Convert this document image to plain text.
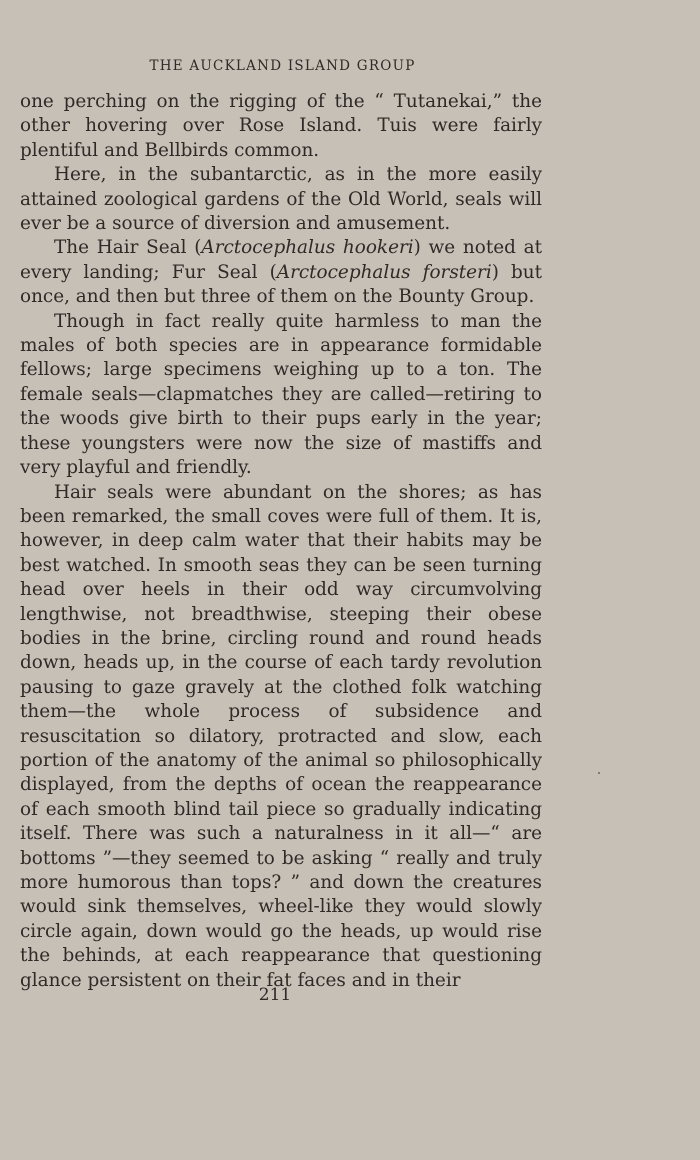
THE AUCKLAND ISLAND GROUP

one perching on the rigging of the “ Tutanekai,” the other hovering over Rose Island. Tuis were fairly plentiful and Bellbirds common.

Here, in the subantarctic, as in the more easily attained zoological gardens of the Old World, seals will ever be a source of diversion and amusement.

The Hair Seal (Arctocephalus hookeri) we noted at every landing; Fur Seal (Arctocephalus forsteri) but once, and then but three of them on the Bounty Group.

Though in fact really quite harmless to man the males of both species are in appearance formidable fellows; large specimens weighing up to a ton. The female seals—clapmatches they are called—retiring to the woods give birth to their pups early in the year; these youngsters were now the size of mastiffs and very playful and friendly.

Hair seals were abundant on the shores; as has been remarked, the small coves were full of them. It is, however, in deep calm water that their habits may be best watched. In smooth seas they can be seen turning head over heels in their odd way circumvolving lengthwise, not breadthwise, steeping their obese bodies in the brine, circling round and round heads down, heads up, in the course of each tardy revolution pausing to gaze gravely at the clothed folk watching them—the whole process of subsidence and resuscitation so dilatory, protracted and slow, each portion of the anatomy of the animal so philosophically displayed, from the depths of ocean the reappearance of each smooth blind tail piece so gradually indicating itself. There was such a naturalness in it all—“ are bottoms ”—they seemed to be asking “ really and truly more humorous than tops? ” and down the creatures would sink themselves, wheel-like they would slowly circle again, down would go the heads, up would rise the behinds, at each reappearance that questioning glance persistent on their fat faces and in their

211
